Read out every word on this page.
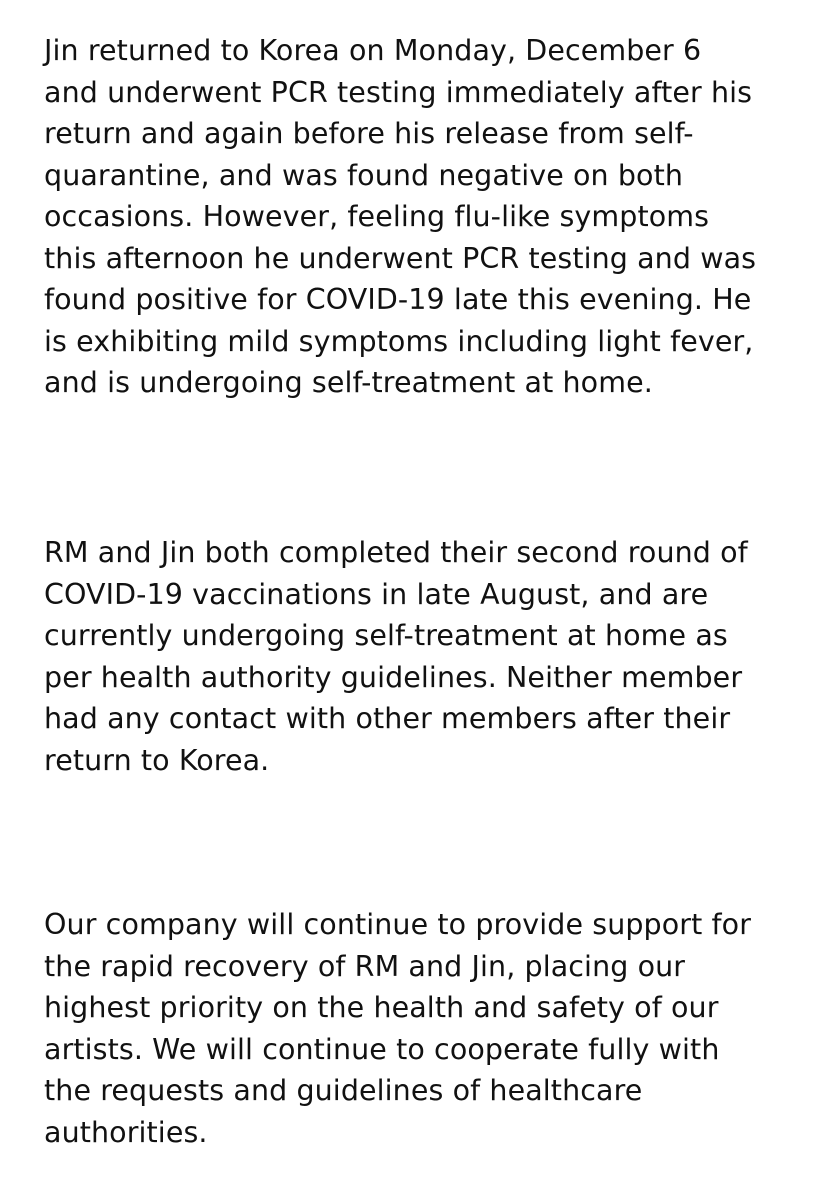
Jin returned to Korea on Monday, December 6
and underwent PCR testing immediately after his
return and again before his release from self-
quarantine, and was found negative on both
occasions. However, feeling flu-like symptoms
this afternoon he underwent PCR testing and was
found positive for COVID-19 late this evening. He
is exhibiting mild symptoms including light fever,
and is undergoing self-treatment at home.

RM and Jin both completed their second round of
COVID-19 vaccinations in late August, and are
currently undergoing self-treatment at home as
per health authority guidelines. Neither member
had any contact with other members after their
return to Korea.

Our company will continue to provide support for
the rapid recovery of RM and Jin, placing our
highest priority on the health and safety of our
artists. We will continue to cooperate fully with
the requests and guidelines of healthcare
authorities.
